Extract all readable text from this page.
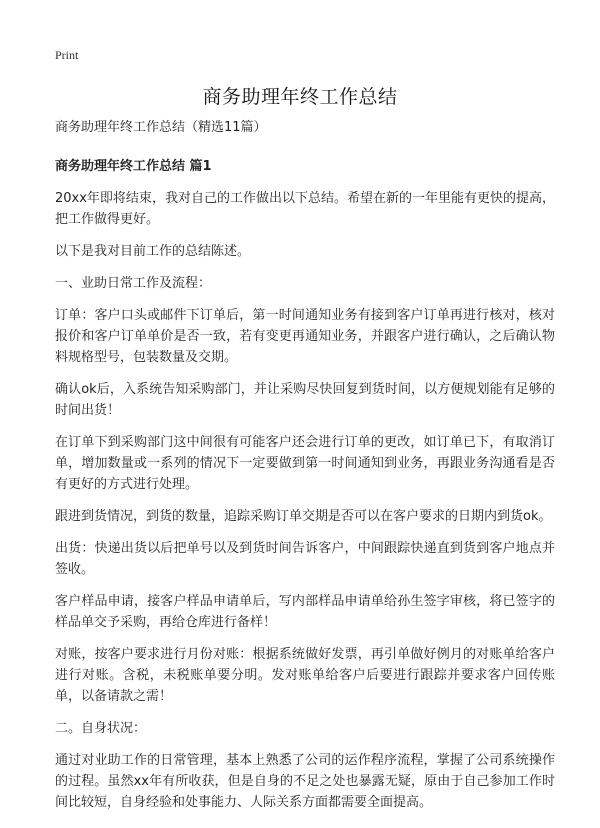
Print
商务助理年终工作总结

商务助理年终工作总结（精选11篇）

商务助理年终工作总结 篇1

20xx年即将结束，我对自己的工作做出以下总结。希望在新的一年里能有更快的提高，把工作做得更好。

以下是我对目前工作的总结陈述。

一、业助日常工作及流程：

订单：客户口头或邮件下订单后，第一时间通知业务有接到客户订单再进行核对，核对报价和客户订单单价是否一致，若有变更再通知业务，并跟客户进行确认，之后确认物料规格型号，包装数量及交期。

确认ok后，入系统告知采购部门，并让采购尽快回复到货时间，以方便规划能有足够的时间出货！

在订单下到采购部门这中间很有可能客户还会进行订单的更改，如订单已下，有取消订单，增加数量或一系列的情况下一定要做到第一时间通知到业务，再跟业务沟通看是否有更好的方式进行处理。

跟进到货情况，到货的数量，追踪采购订单交期是否可以在客户要求的日期内到货ok。

出货：快递出货以后把单号以及到货时间告诉客户，中间跟踪快递直到货到客户地点并签收。

客户样品申请，接客户样品申请单后，写内部样品申请单给孙生签字审核，将已签字的样品单交予采购，再给仓库进行备样！

对账，按客户要求进行月份对账：根据系统做好发票，再引单做好例月的对账单给客户进行对账。含税，未税账单要分明。发对账单给客户后要进行跟踪并要求客户回传账单，以备请款之需！

二。自身状况：

通过对业助工作的日常管理，基本上熟悉了公司的运作程序流程，掌握了公司系统操作的过程。虽然xx年有所收获，但是自身的不足之处也暴露无疑，原由于自己参加工作时间比较短，自身经验和处事能力、人际关系方面都需要全面提高。
